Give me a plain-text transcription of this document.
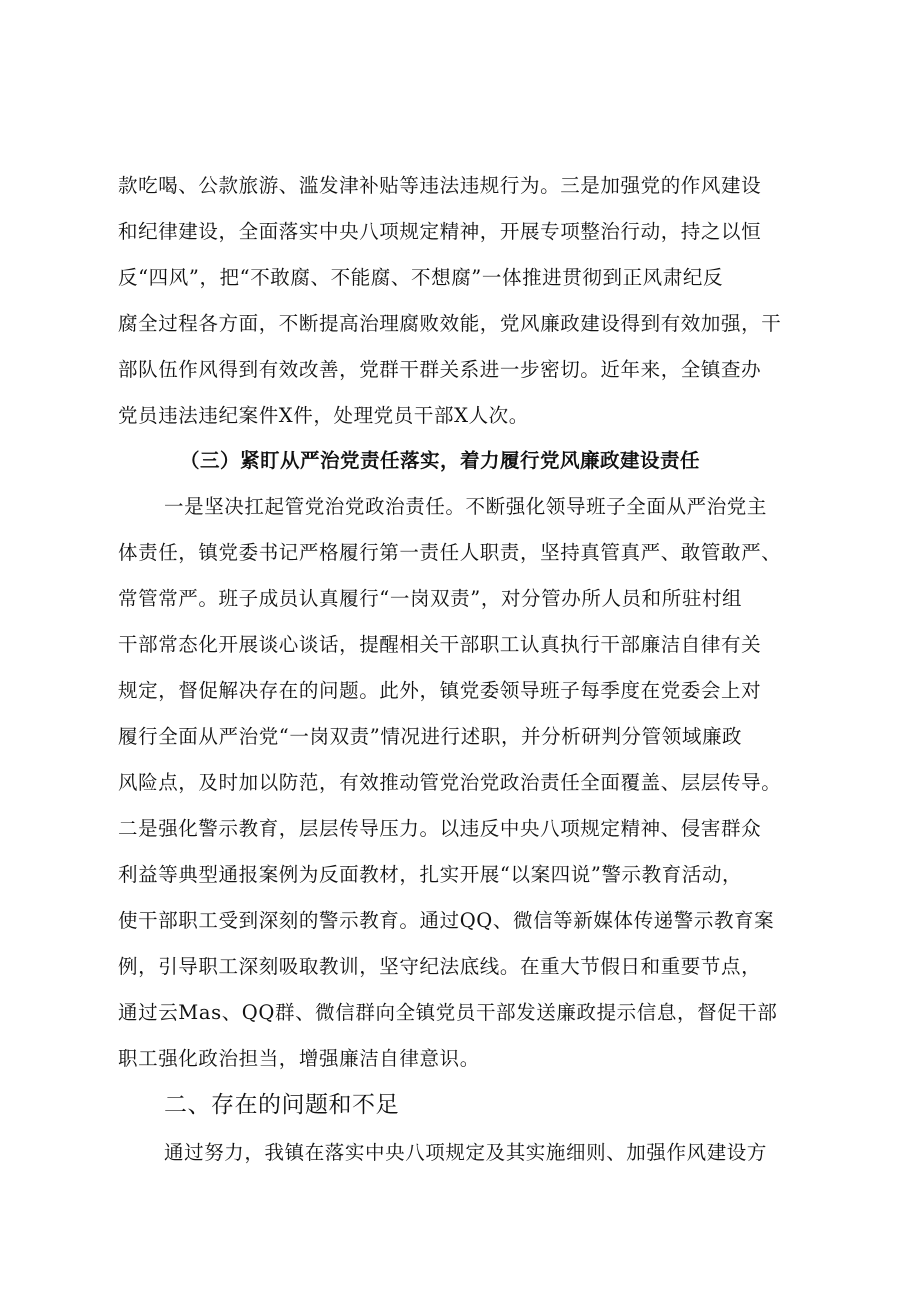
款吃喝、公款旅游、滥发津补贴等违法违规行为。三是加强党的作风建设
和纪律建设，全面落实中央八项规定精神，开展专项整治行动，持之以恒
反“四风”，把“不敢腐、不能腐、不想腐”一体推进贯彻到正风肃纪反
腐全过程各方面，不断提高治理腐败效能，党风廉政建设得到有效加强，干
部队伍作风得到有效改善，党群干群关系进一步密切。近年来，全镇查办
党员违法违纪案件X件，处理党员干部X人次。
（三）紧盯从严治党责任落实，着力履行党风廉政建设责任
一是坚决扛起管党治党政治责任。不断强化领导班子全面从严治党主
体责任，镇党委书记严格履行第一责任人职责，坚持真管真严、敢管敢严、
常管常严。班子成员认真履行“一岗双责”，对分管办所人员和所驻村组
干部常态化开展谈心谈话，提醒相关干部职工认真执行干部廉洁自律有关
规定，督促解决存在的问题。此外，镇党委领导班子每季度在党委会上对
履行全面从严治党“一岗双责”情况进行述职，并分析研判分管领域廉政
风险点，及时加以防范，有效推动管党治党政治责任全面覆盖、层层传导。
二是强化警示教育，层层传导压力。以违反中央八项规定精神、侵害群众
利益等典型通报案例为反面教材，扎实开展“以案四说”警示教育活动，
使干部职工受到深刻的警示教育。通过QQ、微信等新媒体传递警示教育案
例，引导职工深刻吸取教训，坚守纪法底线。在重大节假日和重要节点，
通过云Mas、QQ群、微信群向全镇党员干部发送廉政提示信息，督促干部
职工强化政治担当，增强廉洁自律意识。
二、存在的问题和不足
通过努力，我镇在落实中央八项规定及其实施细则、加强作风建设方
